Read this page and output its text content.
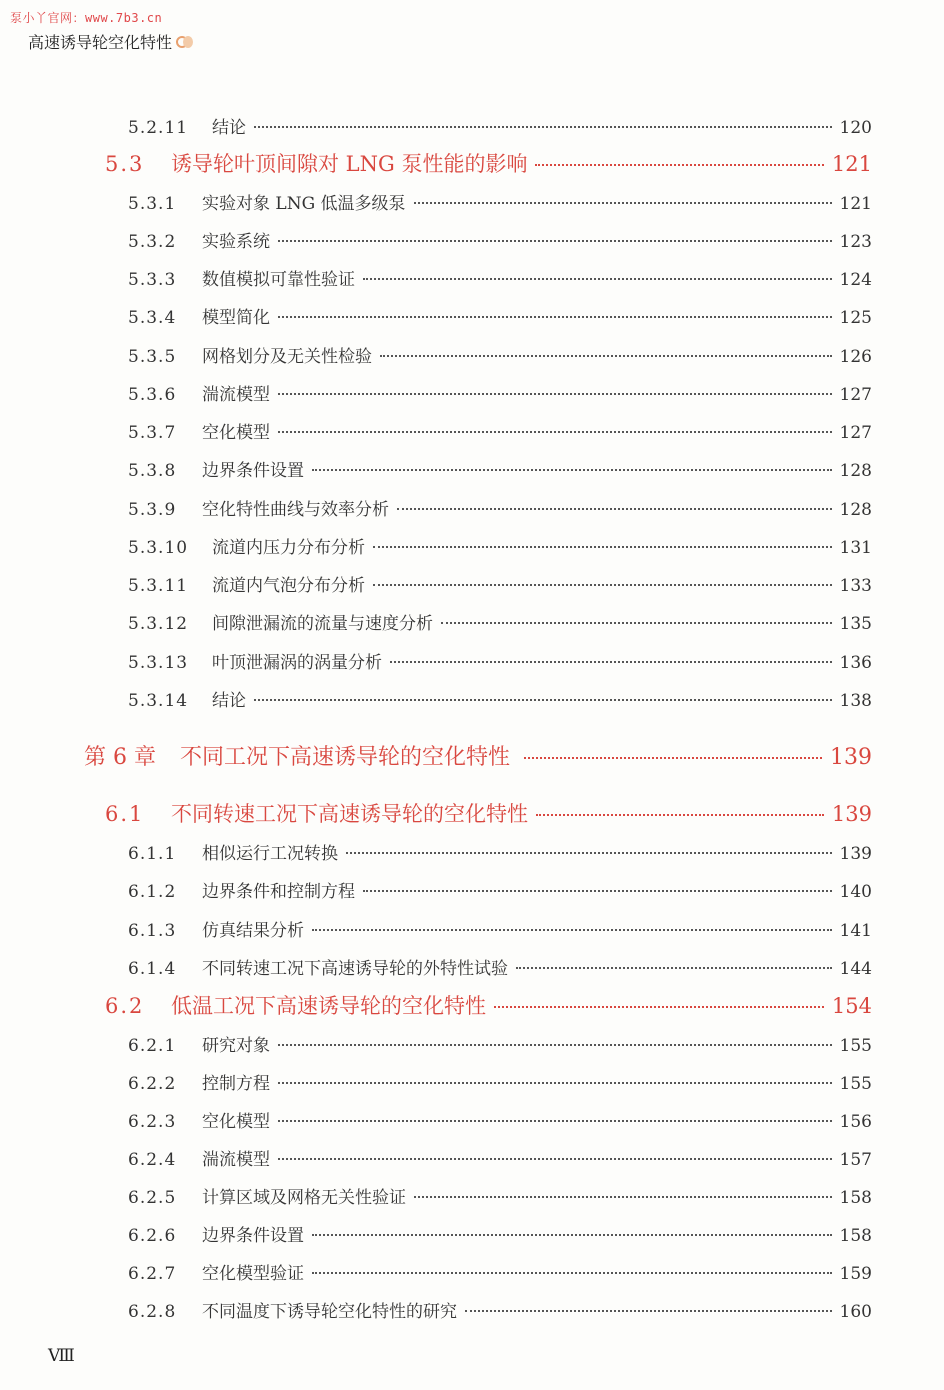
泵小丫官网：www.7b3.cn
高速诱导轮空化特性
5.2.11	结论	120
5.3	诱导轮叶顶间隙对 LNG 泵性能的影响	121
5.3.1	实验对象 LNG 低温多级泵	121
5.3.2	实验系统	123
5.3.3	数值模拟可靠性验证	124
5.3.4	模型简化	125
5.3.5	网格划分及无关性检验	126
5.3.6	湍流模型	127
5.3.7	空化模型	127
5.3.8	边界条件设置	128
5.3.9	空化特性曲线与效率分析	128
5.3.10	流道内压力分布分析	131
5.3.11	流道内气泡分布分析	133
5.3.12	间隙泄漏流的流量与速度分析	135
5.3.13	叶顶泄漏涡的涡量分析	136
5.3.14	结论	138
第 6 章	不同工况下高速诱导轮的空化特性	139
6.1	不同转速工况下高速诱导轮的空化特性	139
6.1.1	相似运行工况转换	139
6.1.2	边界条件和控制方程	140
6.1.3	仿真结果分析	141
6.1.4	不同转速工况下高速诱导轮的外特性试验	144
6.2	低温工况下高速诱导轮的空化特性	154
6.2.1	研究对象	155
6.2.2	控制方程	155
6.2.3	空化模型	156
6.2.4	湍流模型	157
6.2.5	计算区域及网格无关性验证	158
6.2.6	边界条件设置	158
6.2.7	空化模型验证	159
6.2.8	不同温度下诱导轮空化特性的研究	160
Ⅷ
